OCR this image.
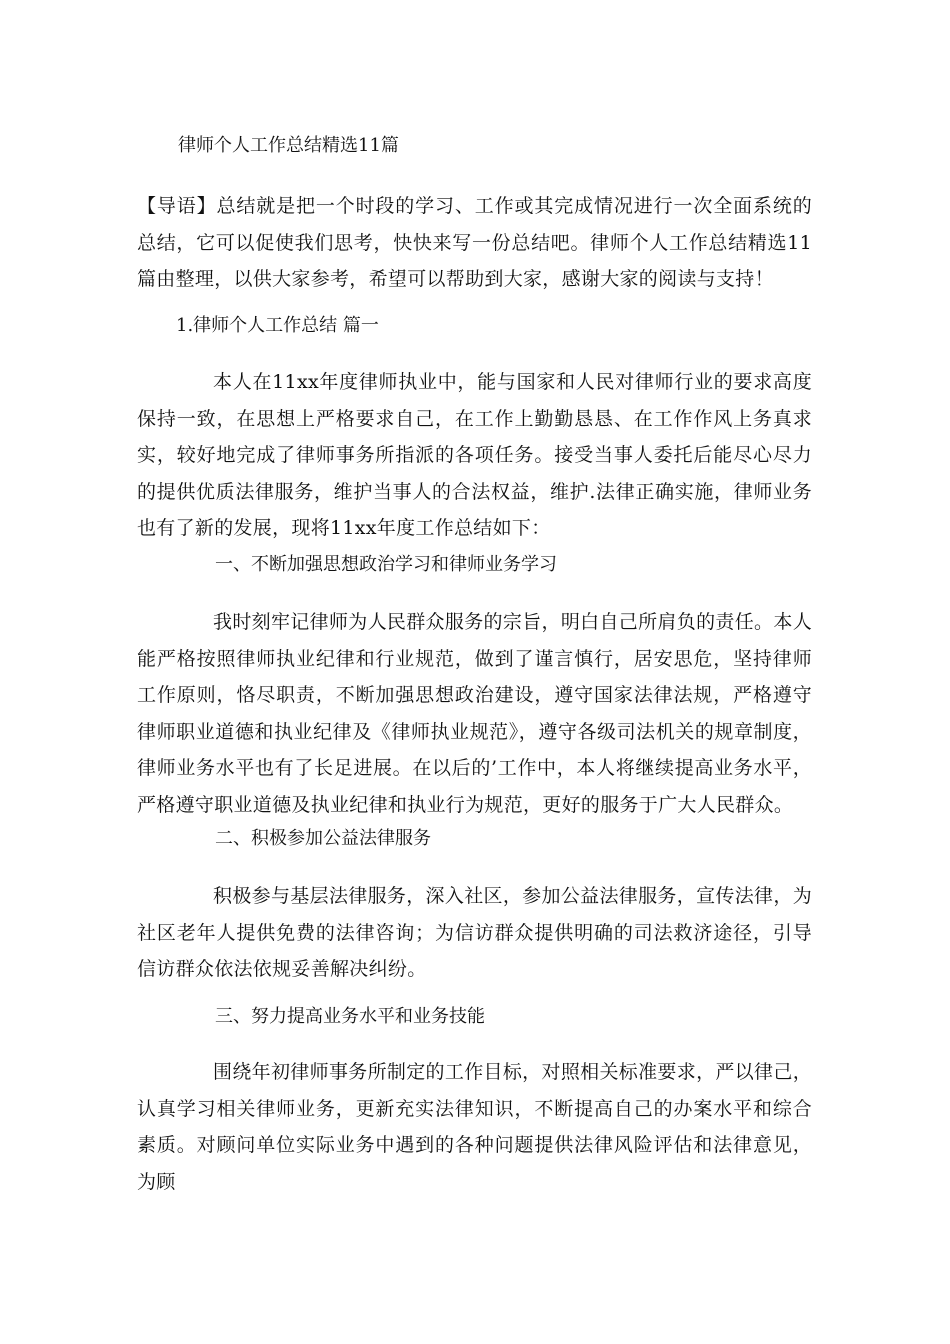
律师个人工作总结精选11篇
【导语】总结就是把一个时段的学习、工作或其完成情况进行一次全面系统的总结，它可以促使我们思考，快快来写一份总结吧。律师个人工作总结精选11篇由整理，以供大家参考，希望可以帮助到大家，感谢大家的阅读与支持！
1.律师个人工作总结 篇一
本人在11xx年度律师执业中，能与国家和人民对律师行业的要求高度保持一致，在思想上严格要求自己，在工作上勤勤恳恳、在工作作风上务真求实，较好地完成了律师事务所指派的各项任务。接受当事人委托后能尽心尽力的提供优质法律服务，维护当事人的合法权益，维护.法律正确实施，律师业务也有了新的发展，现将11xx年度工作总结如下：
一、不断加强思想政治学习和律师业务学习
我时刻牢记律师为人民群众服务的宗旨，明白自己所肩负的责任。本人能严格按照律师执业纪律和行业规范，做到了谨言慎行，居安思危，坚持律师工作原则，恪尽职责，不断加强思想政治建设，遵守国家法律法规，严格遵守律师职业道德和执业纪律及《律师执业规范》，遵守各级司法机关的规章制度，律师业务水平也有了长足进展。在以后的’工作中，本人将继续提高业务水平，严格遵守职业道德及执业纪律和执业行为规范，更好的服务于广大人民群众。
二、积极参加公益法律服务
积极参与基层法律服务，深入社区，参加公益法律服务，宣传法律，为社区老年人提供免费的法律咨询；为信访群众提供明确的司法救济途径，引导信访群众依法依规妥善解决纠纷。
三、努力提高业务水平和业务技能
围绕年初律师事务所制定的工作目标，对照相关标准要求，严以律己，认真学习相关律师业务，更新充实法律知识，不断提高自己的办案水平和综合素质。对顾问单位实际业务中遇到的各种问题提供法律风险评估和法律意见，为顾
